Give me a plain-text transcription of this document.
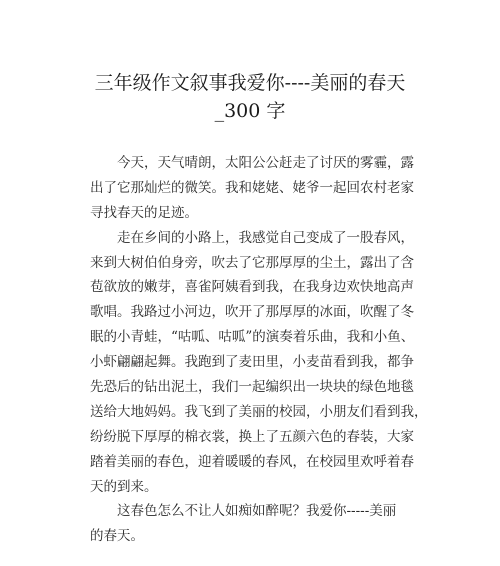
三年级作文叙事我爱你----美丽的春天
_300 字
今天，天气晴朗，太阳公公赶走了讨厌的雾霾，露
出了它那灿烂的微笑。我和姥姥、姥爷一起回农村老家
寻找春天的足迹。
走在乡间的小路上，我感觉自己变成了一股春风，
来到大树伯伯身旁，吹去了它那厚厚的尘土，露出了含
苞欲放的嫩芽，喜雀阿姨看到我，在我身边欢快地高声
歌唱。我路过小河边，吹开了那厚厚的冰面，吹醒了冬
眠的小青蛙，“咕呱、咕呱”的演奏着乐曲，我和小鱼、
小虾翩翩起舞。我跑到了麦田里，小麦苗看到我，都争
先恐后的钻出泥土，我们一起编织出一块块的绿色地毯
送给大地妈妈。我飞到了美丽的校园，小朋友们看到我，
纷纷脱下厚厚的棉衣裳，换上了五颜六色的春装，大家
踏着美丽的春色，迎着暖暖的春风，在校园里欢呼着春
天的到来。
这春色怎么不让人如痴如醉呢？我爱你-----美丽
的春天。
